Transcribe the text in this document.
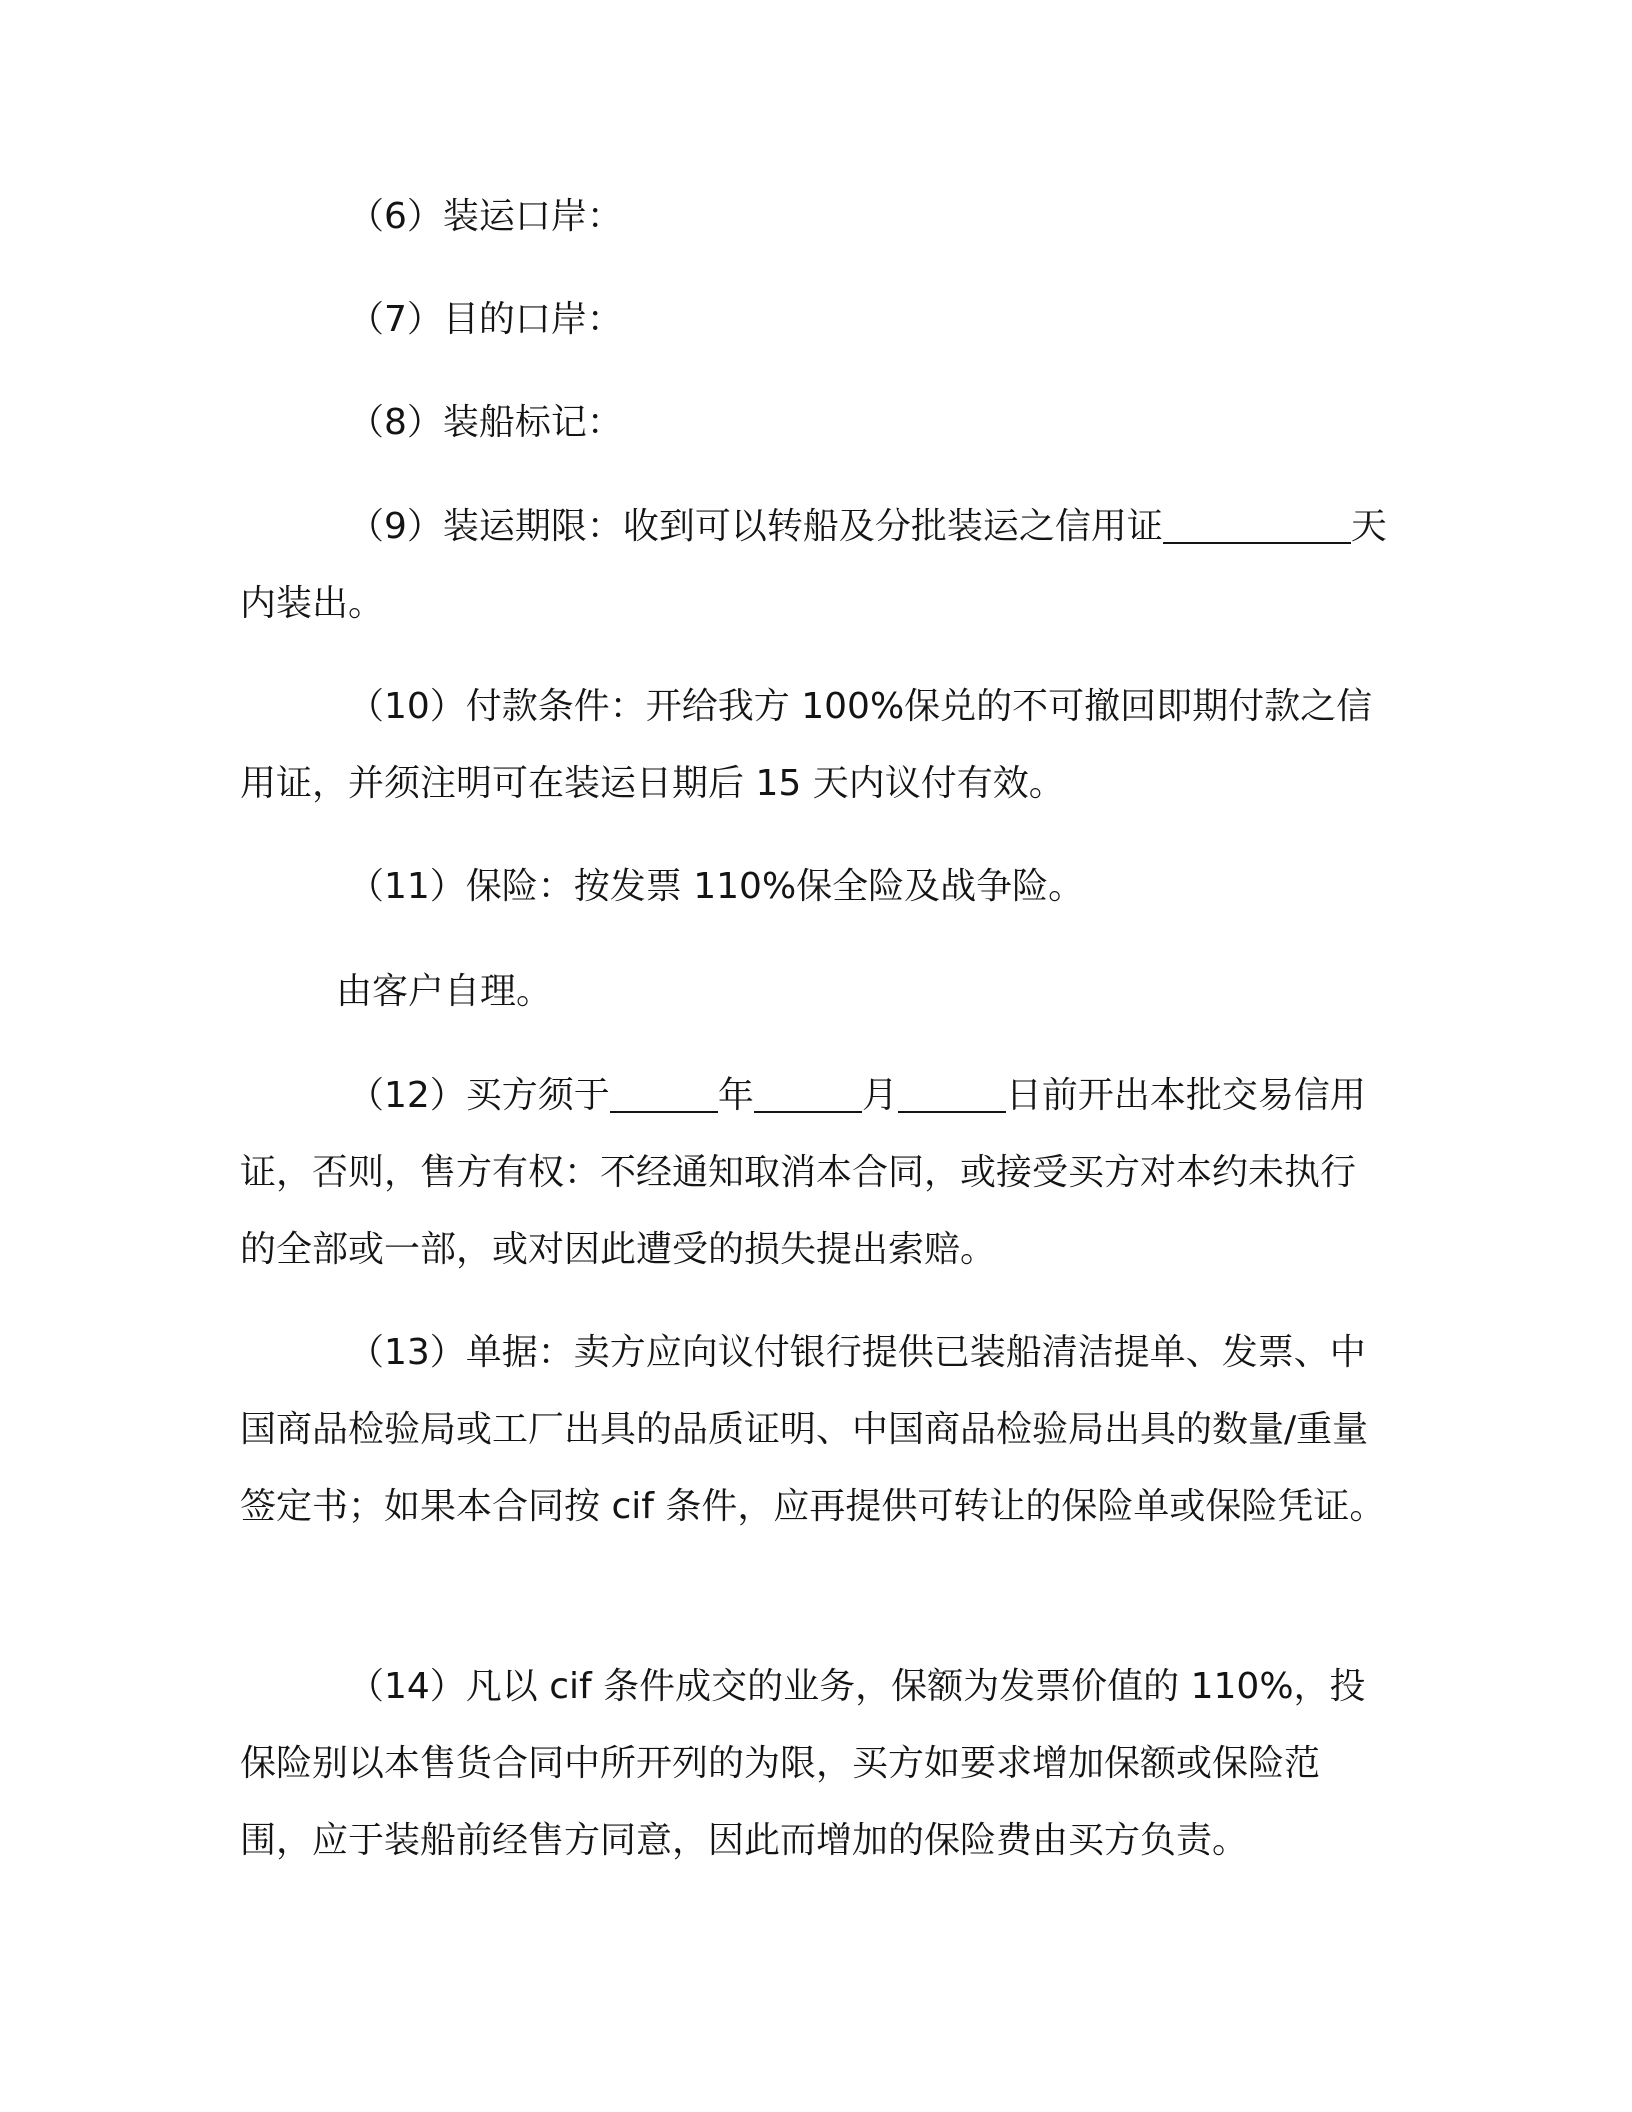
（6）装运口岸：

（7）目的口岸：

（8）装船标记：

（9）装运期限：收到可以转船及分批装运之信用证	天内装出。

（10）付款条件：开给我方 100%保兑的不可撤回即期付款之信用证，并须注明可在装运日期后 15 天内议付有效。

（11）保险：按发票 110%保全险及战争险。

由客户自理。

（12）买方须于	年	月	日前开出本批交易信用证，否则，售方有权：不经通知取消本合同，或接受买方对本约未执行的全部或一部，或对因此遭受的损失提出索赔。

（13）单据：卖方应向议付银行提供已装船清洁提单、发票、中国商品检验局或工厂出具的品质证明、中国商品检验局出具的数量/重量签定书；如果本合同按 cif 条件，应再提供可转让的保险单或保险凭证。

（14）凡以 cif 条件成交的业务，保额为发票价值的 110%，投保险别以本售货合同中所开列的为限，买方如要求增加保额或保险范围，应于装船前经售方同意，因此而增加的保险费由买方负责。
